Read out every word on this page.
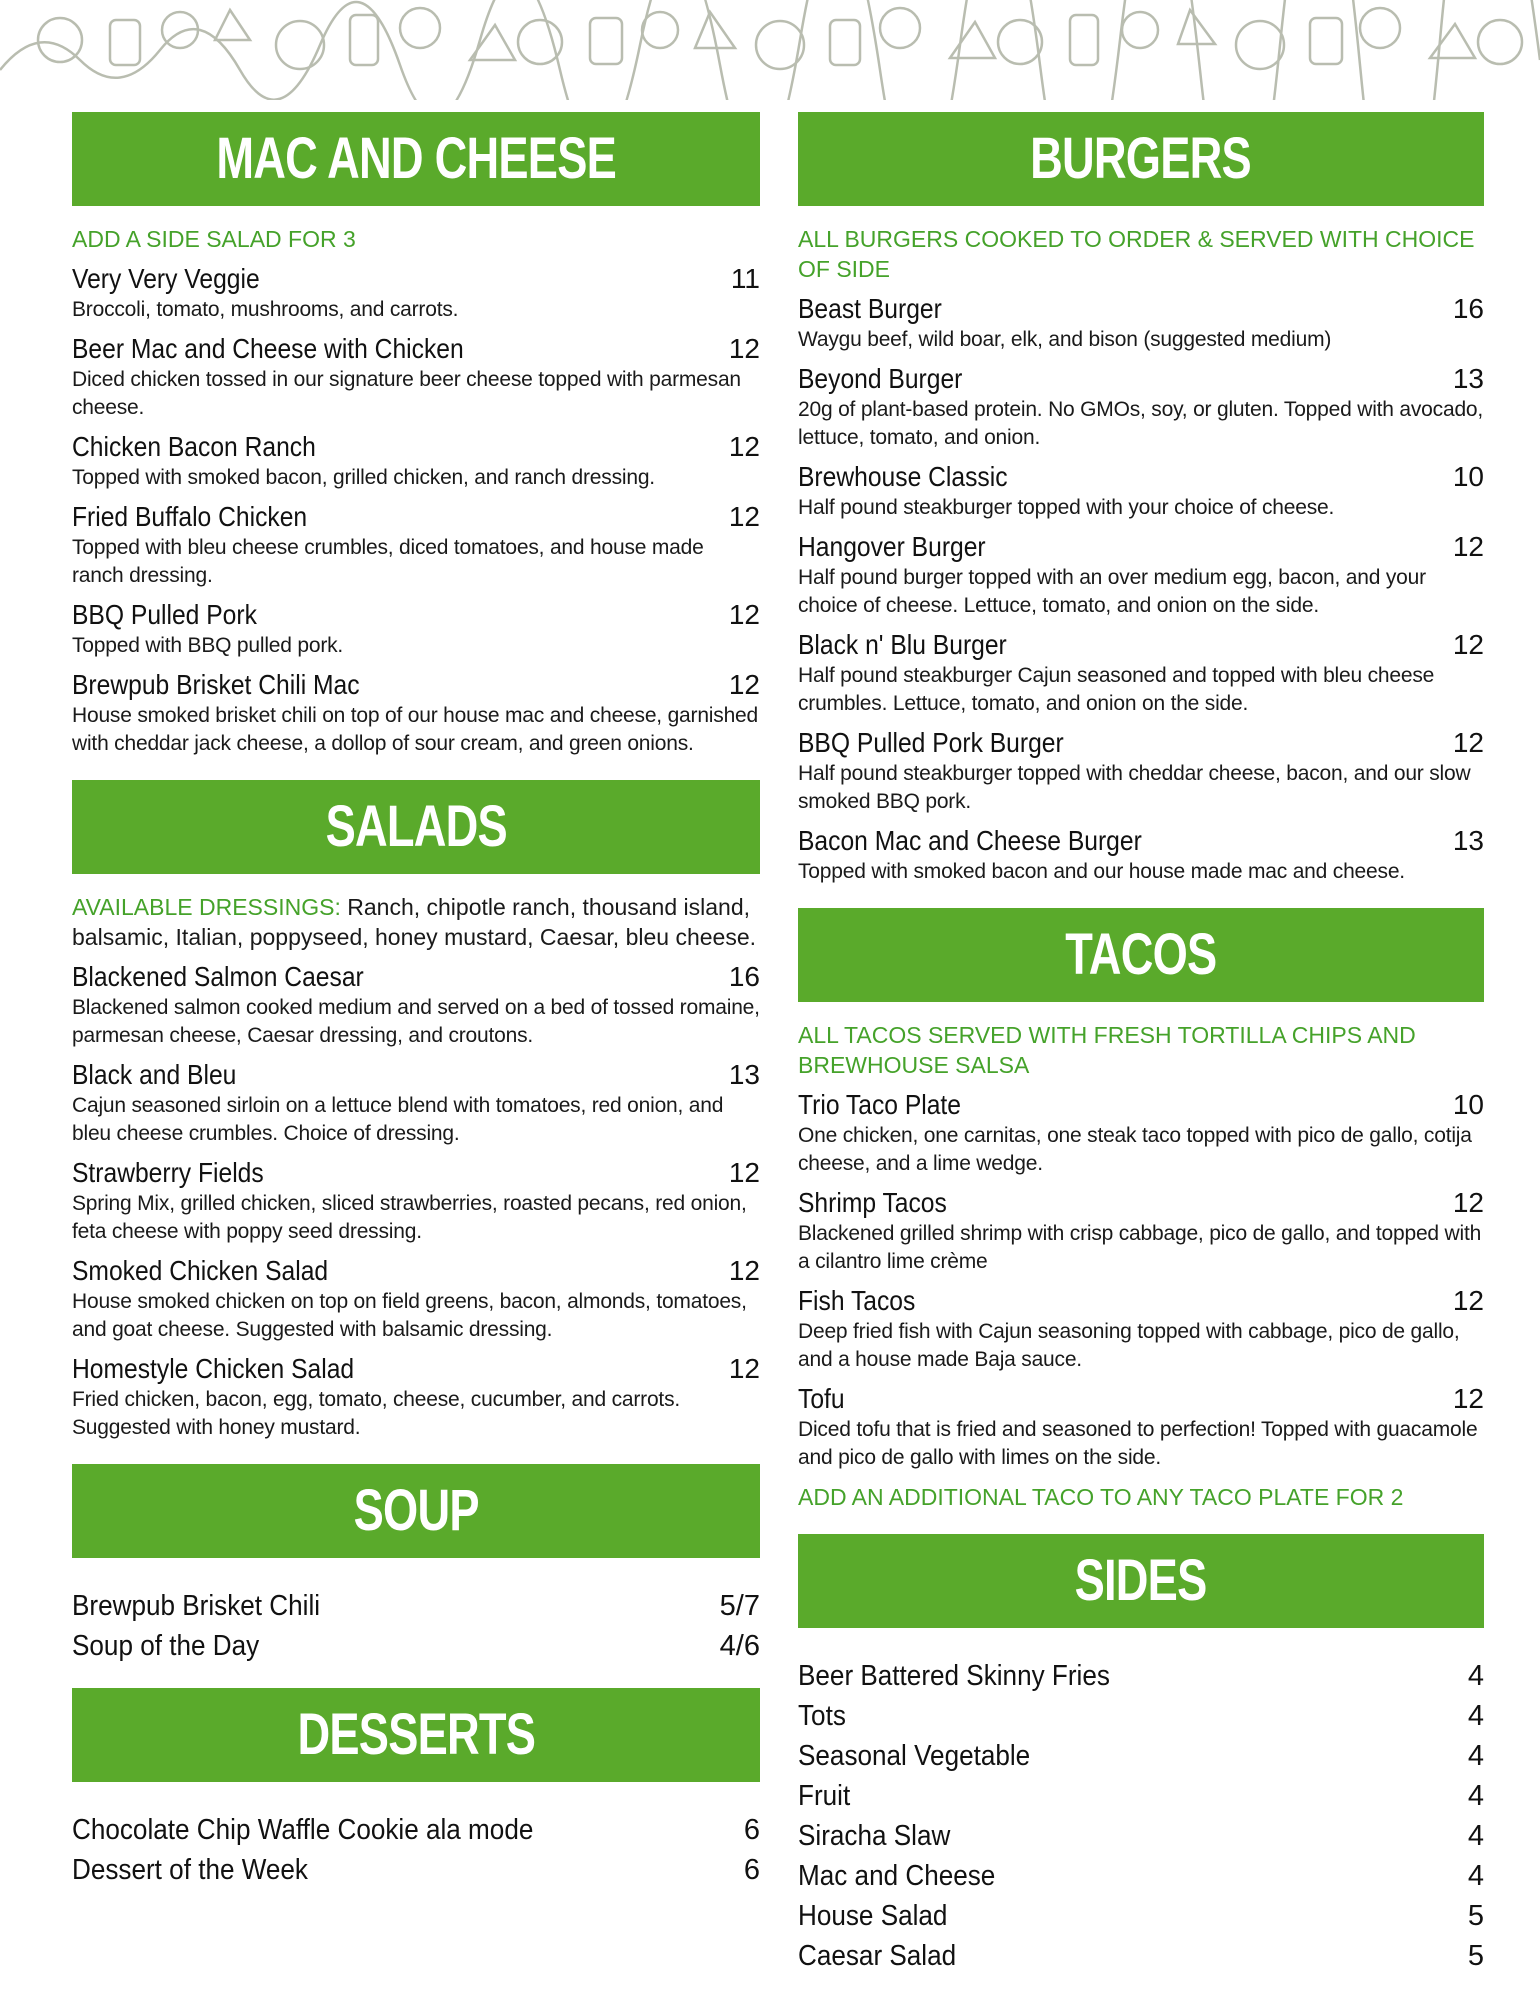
MAC AND CHEESE
ADD A SIDE SALAD FOR 3
Very Very Veggie	11
Broccoli, tomato, mushrooms, and carrots.
Beer Mac and Cheese with Chicken	12
Diced chicken tossed in our signature beer cheese topped with parmesan cheese.
Chicken Bacon Ranch	12
Topped with smoked bacon, grilled chicken, and ranch dressing.
Fried Buffalo Chicken	12
Topped with bleu cheese crumbles, diced tomatoes, and house made ranch dressing.
BBQ Pulled Pork	12
Topped with BBQ pulled pork.
Brewpub Brisket Chili Mac	12
House smoked brisket chili on top of our house mac and cheese, garnished with cheddar jack cheese, a dollop of sour cream, and green onions.
SALADS
AVAILABLE DRESSINGS: Ranch, chipotle ranch, thousand island, balsamic, Italian, poppyseed, honey mustard, Caesar, bleu cheese.
Blackened Salmon Caesar	16
Blackened salmon cooked medium and served on a bed of tossed romaine, parmesan cheese, Caesar dressing, and croutons.
Black and Bleu	13
Cajun seasoned sirloin on a lettuce blend with tomatoes, red onion, and bleu cheese crumbles. Choice of dressing.
Strawberry Fields	12
Spring Mix, grilled chicken, sliced strawberries, roasted pecans, red onion, feta cheese with poppy seed dressing.
Smoked Chicken Salad	12
House smoked chicken on top on field greens, bacon, almonds, tomatoes, and goat cheese. Suggested with balsamic dressing.
Homestyle Chicken Salad	12
Fried chicken, bacon, egg, tomato, cheese, cucumber, and carrots. Suggested with honey mustard.
SOUP
Brewpub Brisket Chili	5/7
Soup of the Day	4/6
DESSERTS
Chocolate Chip Waffle Cookie ala mode	6
Dessert of the Week	6
BURGERS
ALL BURGERS COOKED TO ORDER & SERVED WITH CHOICE OF SIDE
Beast Burger	16
Waygu beef, wild boar, elk, and bison (suggested medium)
Beyond Burger	13
20g of plant-based protein. No GMOs, soy, or gluten. Topped with avocado, lettuce, tomato, and onion.
Brewhouse Classic	10
Half pound steakburger topped with your choice of cheese.
Hangover Burger	12
Half pound burger topped with an over medium egg, bacon, and your choice of cheese. Lettuce, tomato, and onion on the side.
Black n' Blu Burger	12
Half pound steakburger Cajun seasoned and topped with bleu cheese crumbles. Lettuce, tomato, and onion on the side.
BBQ Pulled Pork Burger	12
Half pound steakburger topped with cheddar cheese, bacon, and our slow smoked BBQ pork.
Bacon Mac and Cheese Burger	13
Topped with smoked bacon and our house made mac and cheese.
TACOS
ALL TACOS SERVED WITH FRESH TORTILLA CHIPS AND BREWHOUSE SALSA
Trio Taco Plate	10
One chicken, one carnitas, one steak taco topped with pico de gallo, cotija cheese, and a lime wedge.
Shrimp Tacos	12
Blackened grilled shrimp with crisp cabbage, pico de gallo, and topped with a cilantro lime crème
Fish Tacos	12
Deep fried fish with Cajun seasoning topped with cabbage, pico de gallo, and a house made Baja sauce.
Tofu	12
Diced tofu that is fried and seasoned to perfection! Topped with guacamole and pico de gallo with limes on the side.
ADD AN ADDITIONAL TACO TO ANY TACO PLATE FOR 2
SIDES
Beer Battered Skinny Fries	4
Tots	4
Seasonal Vegetable	4
Fruit	4
Siracha Slaw	4
Mac and Cheese	4
House Salad	5
Caesar Salad	5
